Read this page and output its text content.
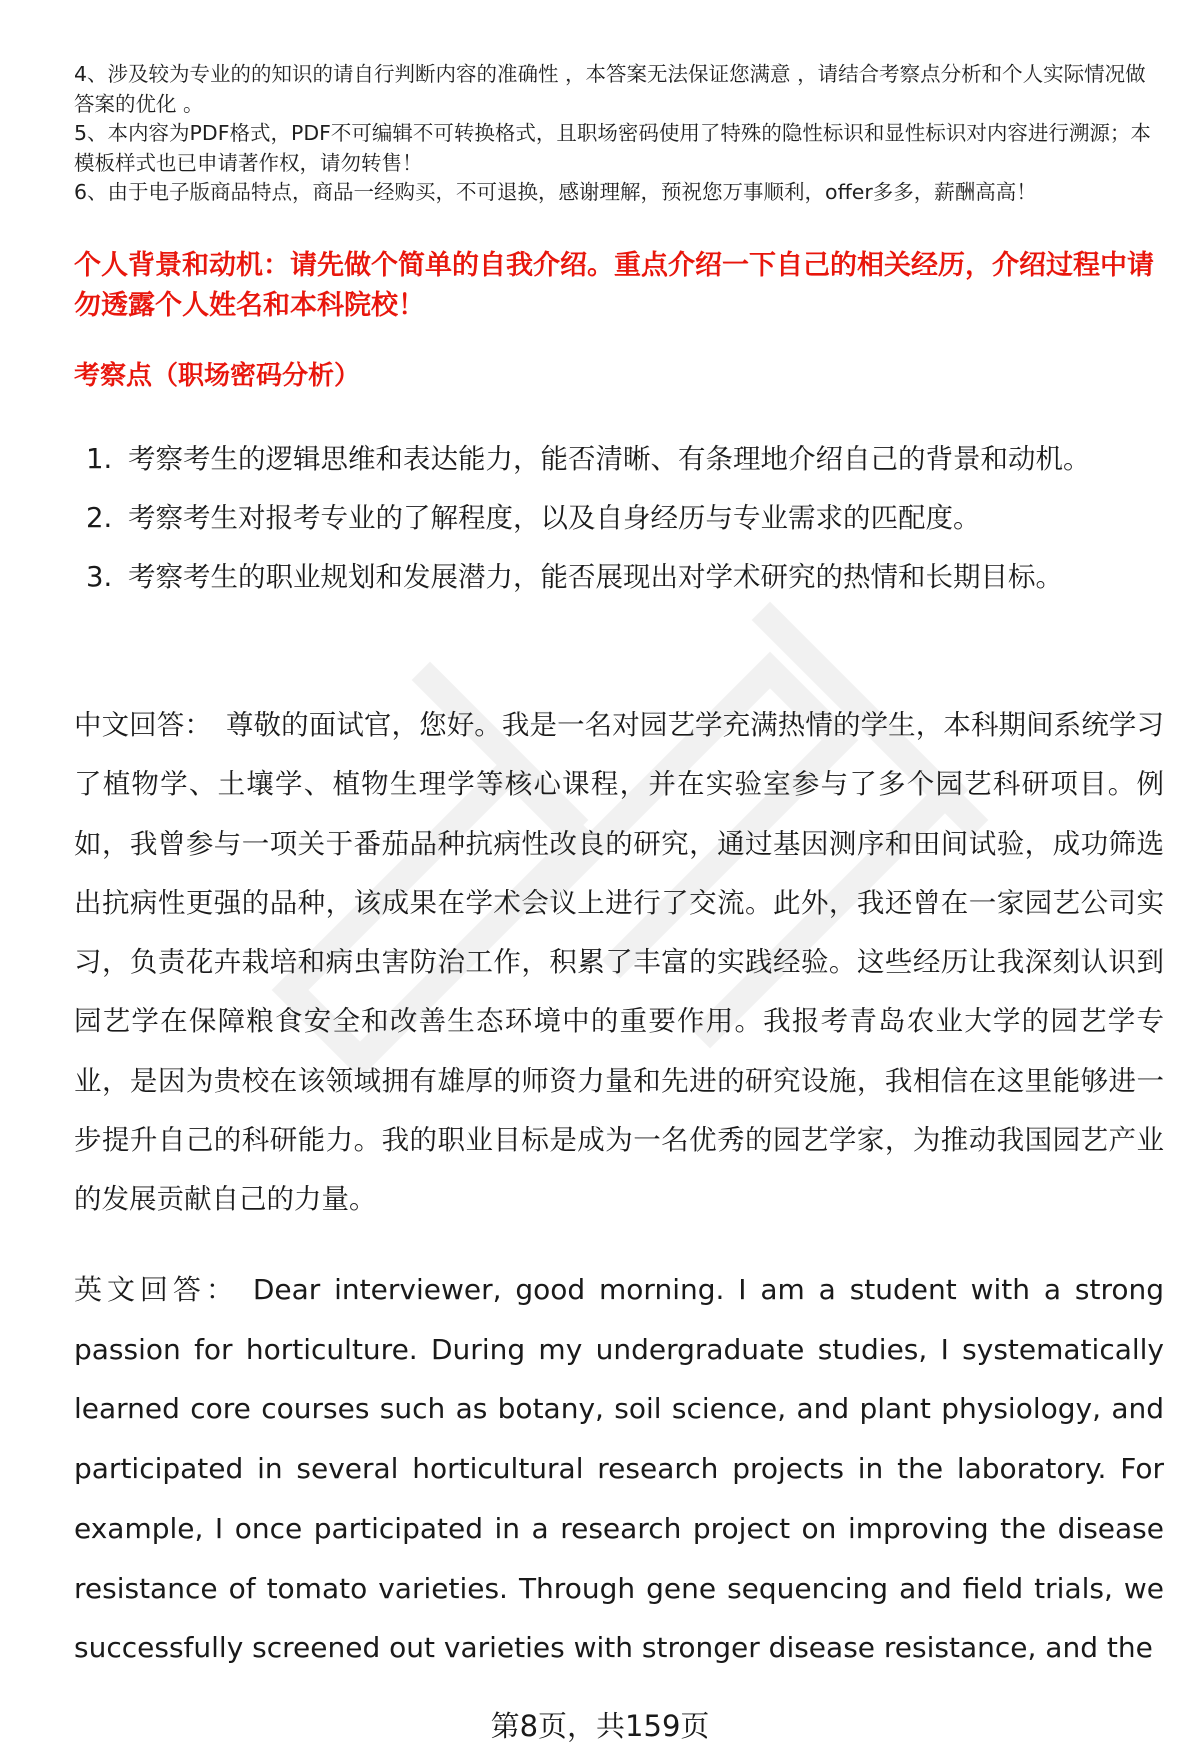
4、涉及较为专业的的知识的请自行判断内容的准确性 ，本答案无法保证您满意 ，请结合考察点分析和个人实际情况做答案的优化 。

5、本内容为PDF格式，PDF不可编辑不可转换格式，且职场密码使用了特殊的隐性标识和显性标识对内容进行溯源；本模板样式也已申请著作权，请勿转售！

6、由于电子版商品特点，商品一经购买，不可退换，感谢理解，预祝您万事顺利，offer多多，薪酬高高！

个人背景和动机：请先做个简单的自我介绍。重点介绍一下自己的相关经历，介绍过程中请勿透露个人姓名和本科院校！
考察点（职场密码分析）
1. 考察考生的逻辑思维和表达能力，能否清晰、有条理地介绍自己的背景和动机。
2. 考察考生对报考专业的了解程度，以及自身经历与专业需求的匹配度。
3. 考察考生的职业规划和发展潜力，能否展现出对学术研究的热情和长期目标。

中文回答： 尊敬的面试官，您好。我是一名对园艺学充满热情的学生，本科期间系统学习了植物学、土壤学、植物生理学等核心课程，并在实验室参与了多个园艺科研项目。例如，我曾参与一项关于番茄品种抗病性改良的研究，通过基因测序和田间试验，成功筛选出抗病性更强的品种，该成果在学术会议上进行了交流。此外，我还曾在一家园艺公司实习，负责花卉栽培和病虫害防治工作，积累了丰富的实践经验。这些经历让我深刻认识到园艺学在保障粮食安全和改善生态环境中的重要作用。我报考青岛农业大学的园艺学专业，是因为贵校在该领域拥有雄厚的师资力量和先进的研究设施，我相信在这里能够进一步提升自己的科研能力。我的职业目标是成为一名优秀的园艺学家，为推动我国园艺产业的发展贡献自己的力量。

英文回答： Dear interviewer, good morning. I am a student with a strong passion for horticulture. During my undergraduate studies, I systematically learned core courses such as botany, soil science, and plant physiology, and participated in several horticultural research projects in the laboratory. For example, I once participated in a research project on improving the disease resistance of tomato varieties. Through gene sequencing and field trials, we successfully screened out varieties with stronger disease resistance, and the

第8页，共159页
